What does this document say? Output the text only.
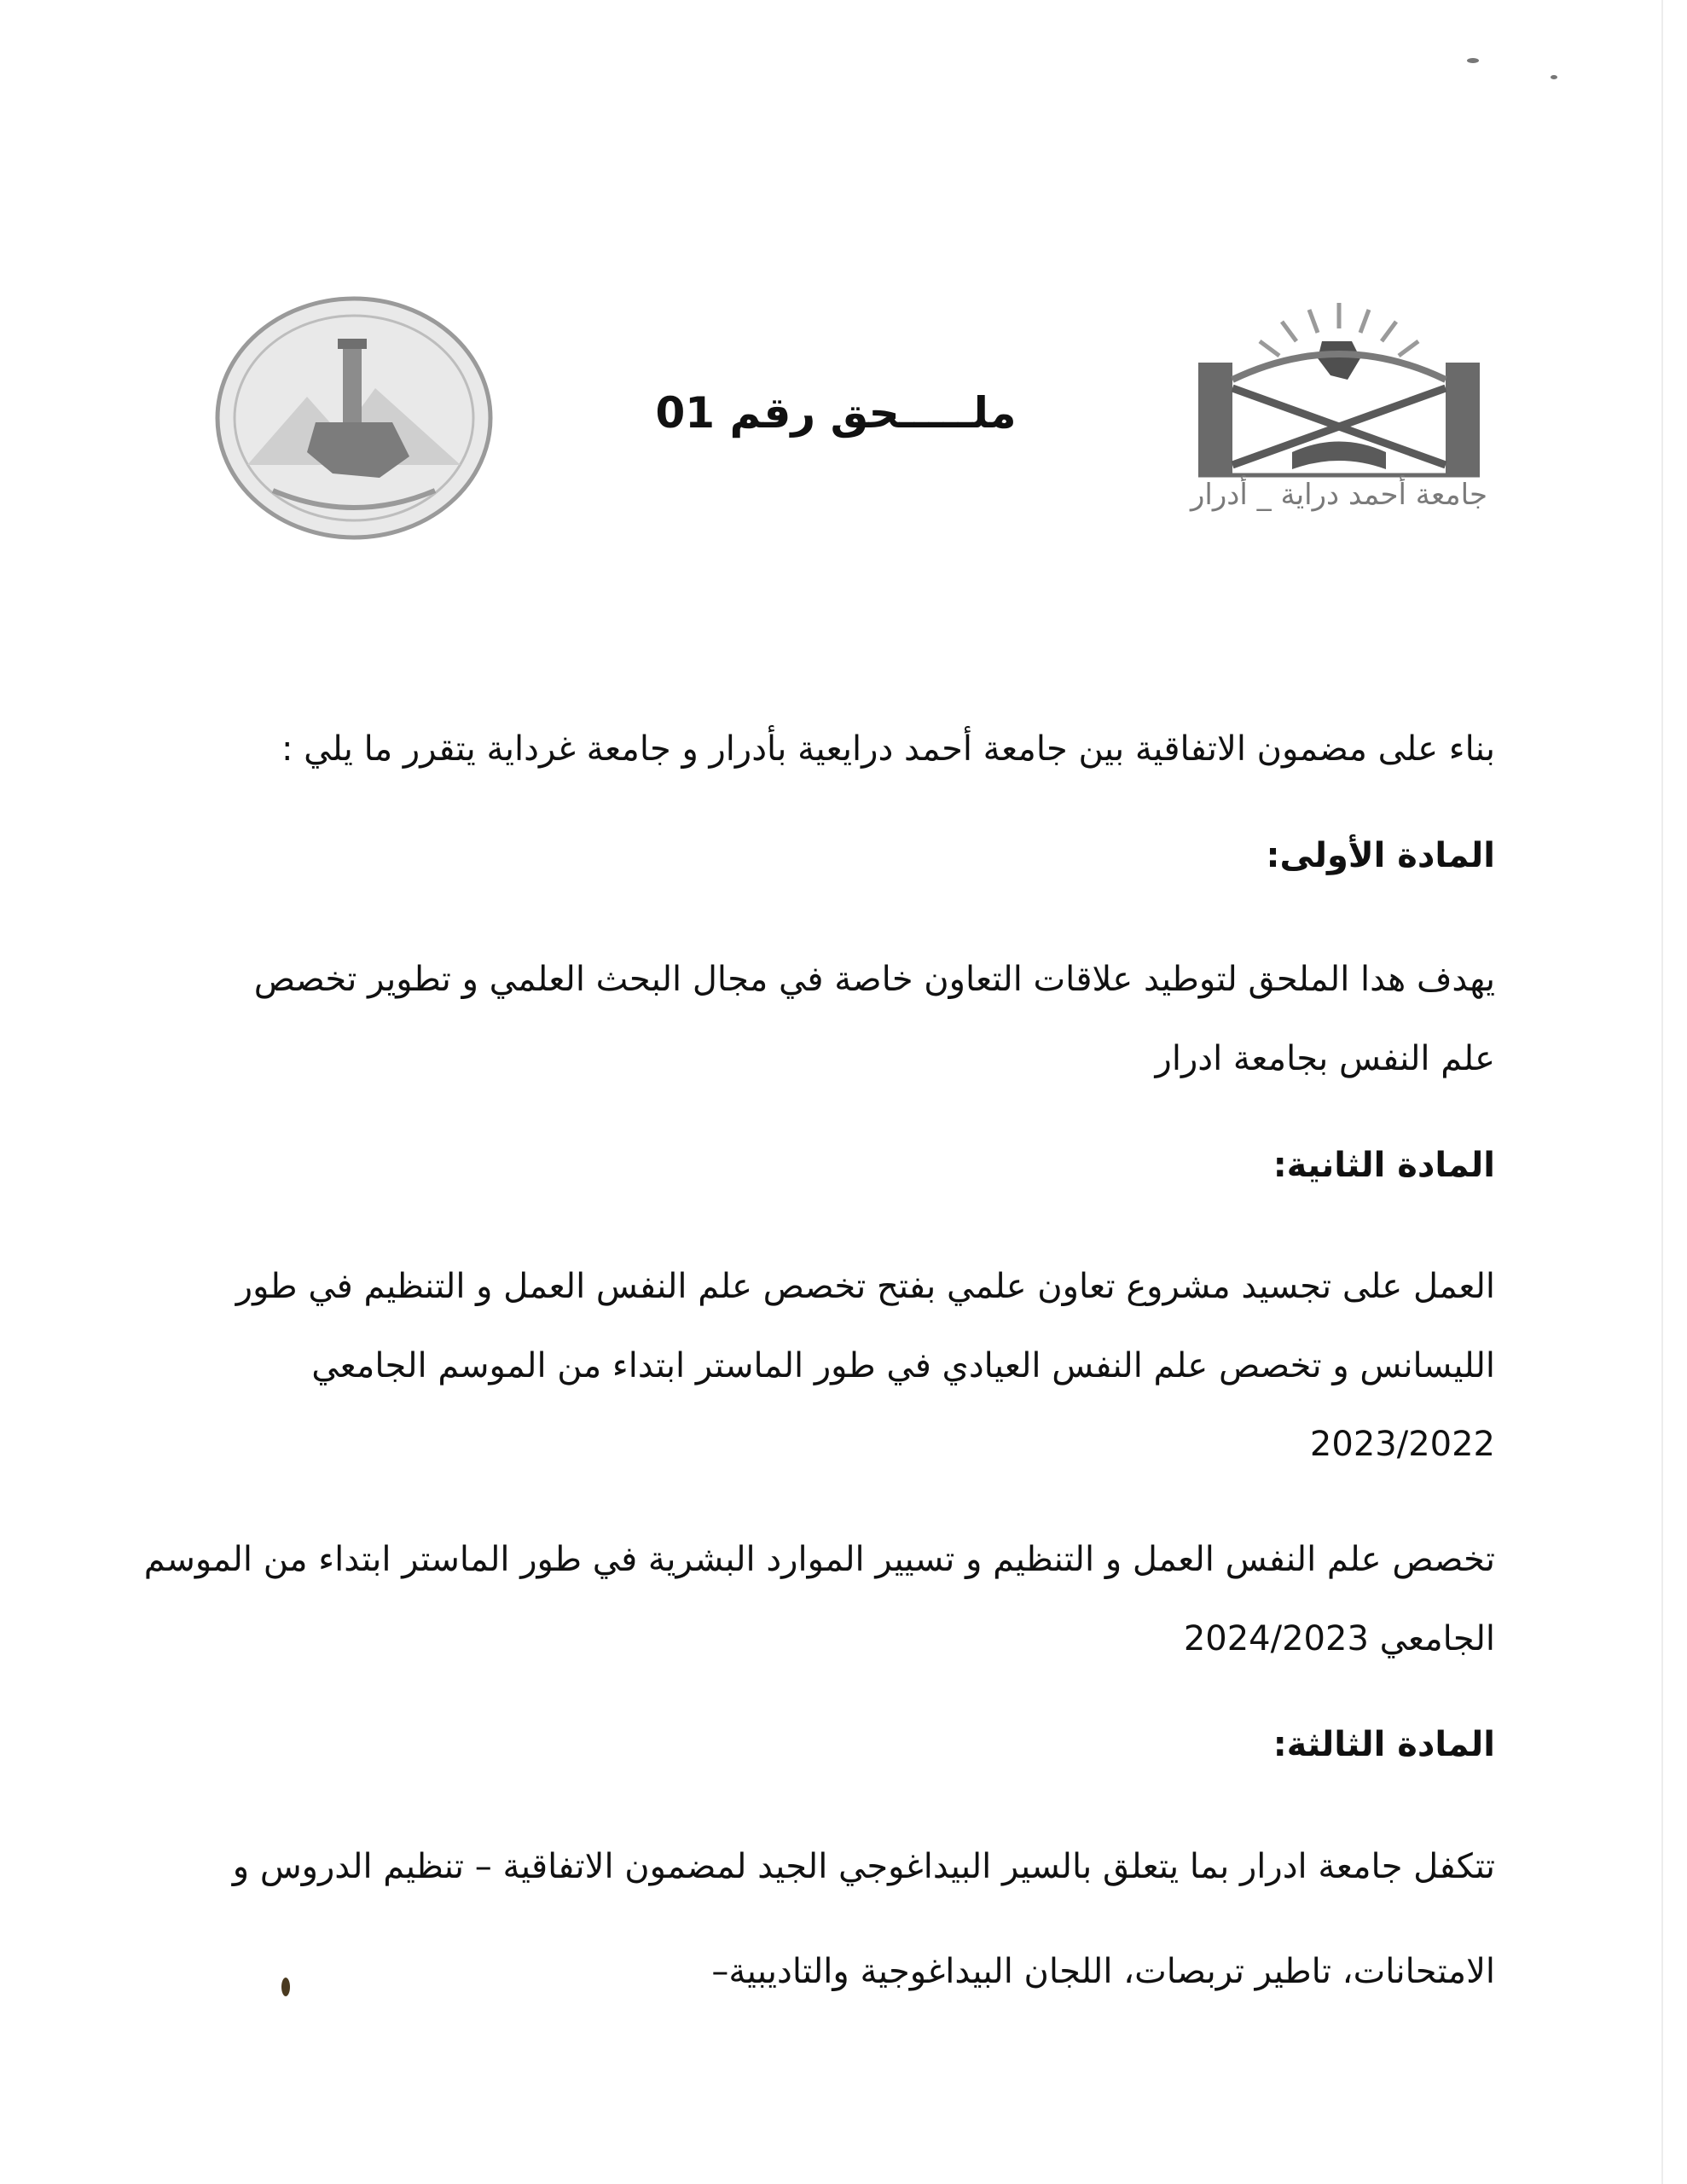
جامعة أحمد دراية _ أدرار
ملـــــحق رقم 01
بناء على مضمون الاتفاقية بين جامعة أحمد درايعية بأدرار و جامعة غرداية يتقرر ما يلي :
المادة الأولى:
يهدف هدا الملحق لتوطيد علاقات التعاون خاصة في مجال البحث العلمي و تطوير تخصص
علم النفس بجامعة ادرار
المادة الثانية:
العمل على تجسيد مشروع تعاون علمي بفتح تخصص علم النفس العمل و التنظيم في طور
الليسانس و تخصص علم النفس العيادي في طور الماستر ابتداء من الموسم الجامعي
2023/2022
تخصص علم النفس العمل و التنظيم و تسيير الموارد البشرية في طور الماستر ابتداء من الموسم
الجامعي 2024/2023
المادة الثالثة:
تتكفل جامعة ادرار بما يتعلق بالسير البيداغوجي الجيد لمضمون الاتفاقية – تنظيم الدروس و
الامتحانات، تاطير تربصات، اللجان البيداغوجية والتاديبية–
